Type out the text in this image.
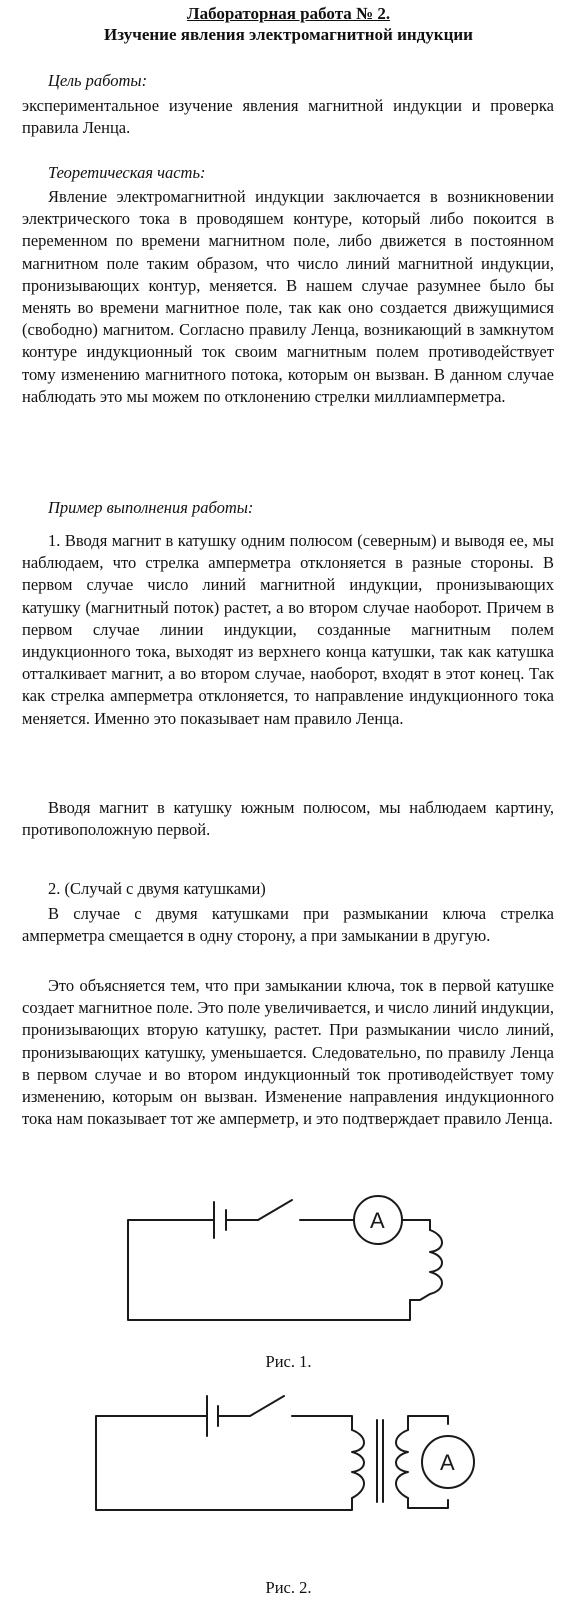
Лабораторная работа № 2.
Изучение явления электромагнитной индукции
Цель работы:

экспериментальное изучение явления магнитной индукции и проверка правила Ленца.

Теоретическая часть:

Явление электромагнитной индукции заключается в возникновении электрического тока в проводяшем контуре, который либо покоится в переменном по времени магнитном поле, либо движется в постоянном магнитном поле таким образом, что число линий магнитной индукции, пронизывающих контур, меняется. В нашем случае разумнее было бы менять во времени магнитное поле, так как оно создается движущимися (свободно) магнитом. Согласно правилу Ленца, возникающий в замкнутом контуре индукционный ток своим магнитным полем противодействует тому изменению магнитного потока, которым он вызван. В данном случае наблюдать это мы можем по отклонению стрелки миллиамперметра.

Пример выполнения работы:

1. Вводя магнит в катушку одним полюсом (северным) и выводя ее, мы наблюдаем, что стрелка амперметра отклоняется в разные стороны. В первом случае число линий магнитной индукции, пронизывающих катушку (магнитный поток) растет, а во втором случае наоборот. Причем в первом случае линии индукции, созданные магнитным полем индукционного тока, выходят из верхнего конца катушки, так как катушка отталкивает магнит, а во втором случае, наоборот, входят в этот конец. Так как стрелка амперметра отклоняется, то направление индукционного тока меняется. Именно это показывает нам правило Ленца.

Вводя магнит в катушку южным полюсом, мы наблюдаем картину, противоположную первой.

2. (Случай с двумя катушками)

В случае с двумя катушками при размыкании ключа стрелка амперметра смещается в одну сторону, а при замыкании в другую.

Это объясняется тем, что при замыкании ключа, ток в первой катушке создает магнитное поле. Это поле увеличивается, и число линий индукции, пронизывающих вторую катушку, растет. При размыкании число линий, пронизывающих катушку, уменьшается. Следовательно, по правилу Ленца в первом случае и во втором индукционный ток противодействует тому изменению, которым он вызван. Изменение направления индукционного тока нам показывает тот же амперметр, и это подтверждает правило Ленца.

A
Рис. 1.
A
Рис. 2.
